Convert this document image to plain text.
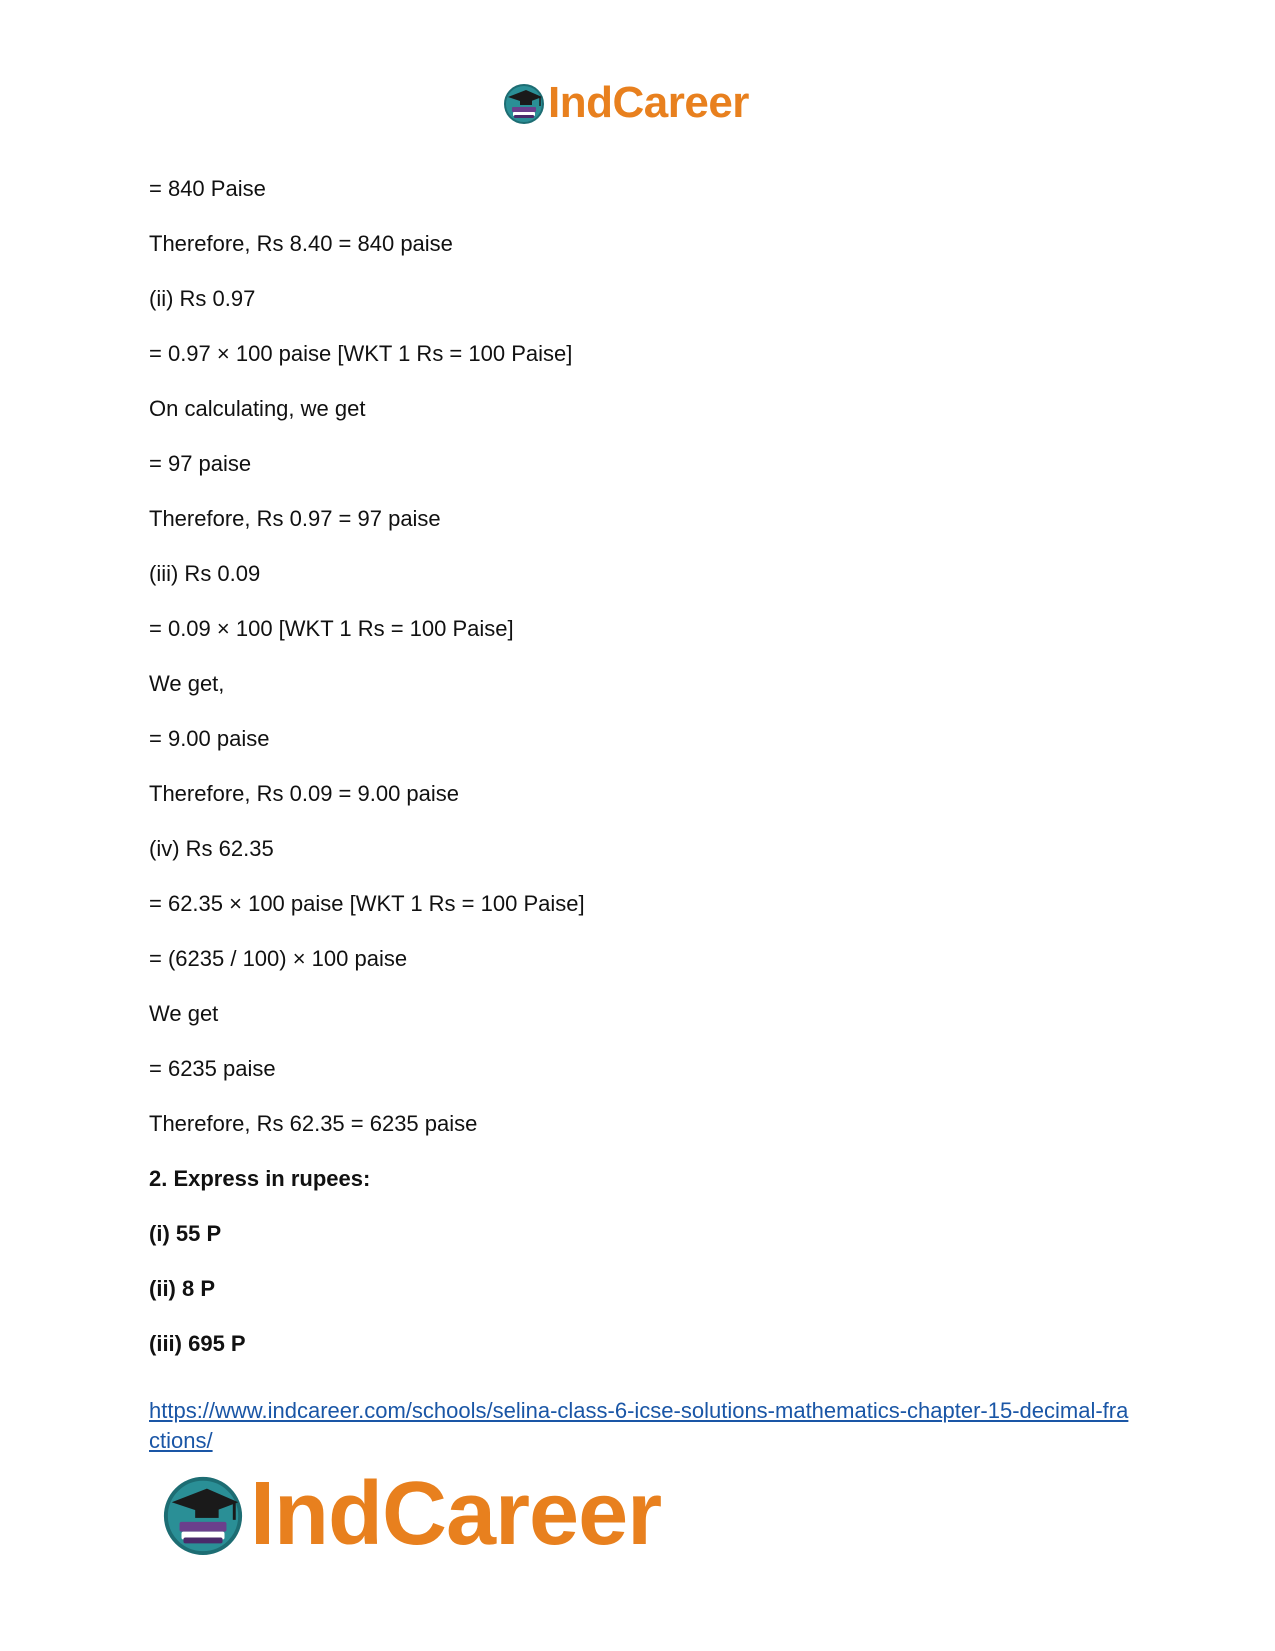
IndCareer
= 840 Paise
Therefore, Rs 8.40 = 840 paise
(ii) Rs 0.97
= 0.97 × 100 paise [WKT 1 Rs = 100 Paise]
On calculating, we get
= 97 paise
Therefore, Rs 0.97 = 97 paise
(iii) Rs 0.09
= 0.09 × 100 [WKT 1 Rs = 100 Paise]
We get,
= 9.00 paise
Therefore, Rs 0.09 = 9.00 paise
(iv) Rs 62.35
= 62.35 × 100 paise [WKT 1 Rs = 100 Paise]
= (6235 / 100) × 100 paise
We get
= 6235 paise
Therefore, Rs 62.35 = 6235 paise
2. Express in rupees:
(i) 55 P
(ii) 8 P
(iii) 695 P
https://www.indcareer.com/schools/selina-class-6-icse-solutions-mathematics-chapter-15-decimal-fractions/
IndCareer
